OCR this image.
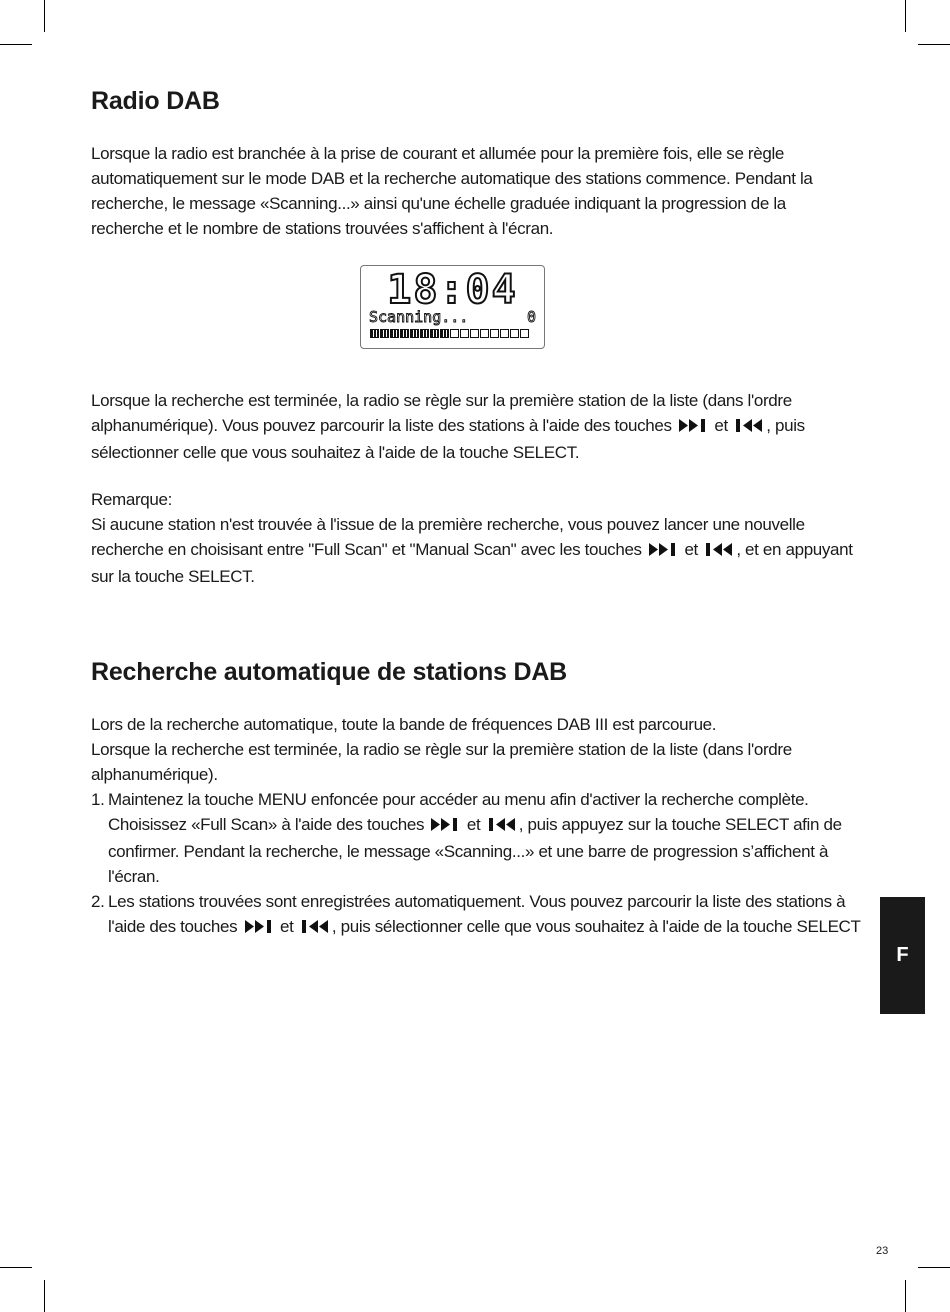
Radio DAB

Lorsque la radio est branchée à la prise de courant et allumée pour la première fois, elle se règle automatiquement sur le mode DAB et la recherche automatique des stations commence. Pendant la recherche, le message «Scanning...» ainsi qu'une échelle graduée indiquant la progression de la recherche et le nombre de stations trouvées s'affichent à l'écran.

18:04
Scanning...	0

Lorsque la recherche est terminée, la radio se règle sur la première station de la liste (dans l'ordre alphanumérique). Vous pouvez parcourir la liste des stations à l'aide des touches	et , puis sélectionner celle que vous souhaitez à l'aide de la touche SELECT.

Remarque:

Si aucune station n'est trouvée à l'issue de la première recherche, vous pouvez lancer une nouvelle recherche en choisisant entre "Full Scan" et "Manual Scan" avec les touches	et , et en appuyant sur la touche SELECT.

Recherche automatique de stations DAB

Lors de la recherche automatique, toute la bande de fréquences DAB III est parcourue.

Lorsque la recherche est terminée, la radio se règle sur la première station de la liste (dans l'ordre alphanumérique).

1. Maintenez la touche MENU enfoncée pour accéder au menu afin d'activer la recherche complète. Choisissez «Full Scan» à l'aide des touches	et , puis appuyez sur la touche SELECT afin de confirmer. Pendant la recherche, le message «Scanning...» et une barre de progression s’affichent à l'écran.

2. Les stations trouvées sont enregistrées automatiquement. Vous pouvez parcourir la liste des stations à l'aide des touches	et , puis sélectionner celle que vous souhaitez à l'aide de la touche SELECT

F
23
